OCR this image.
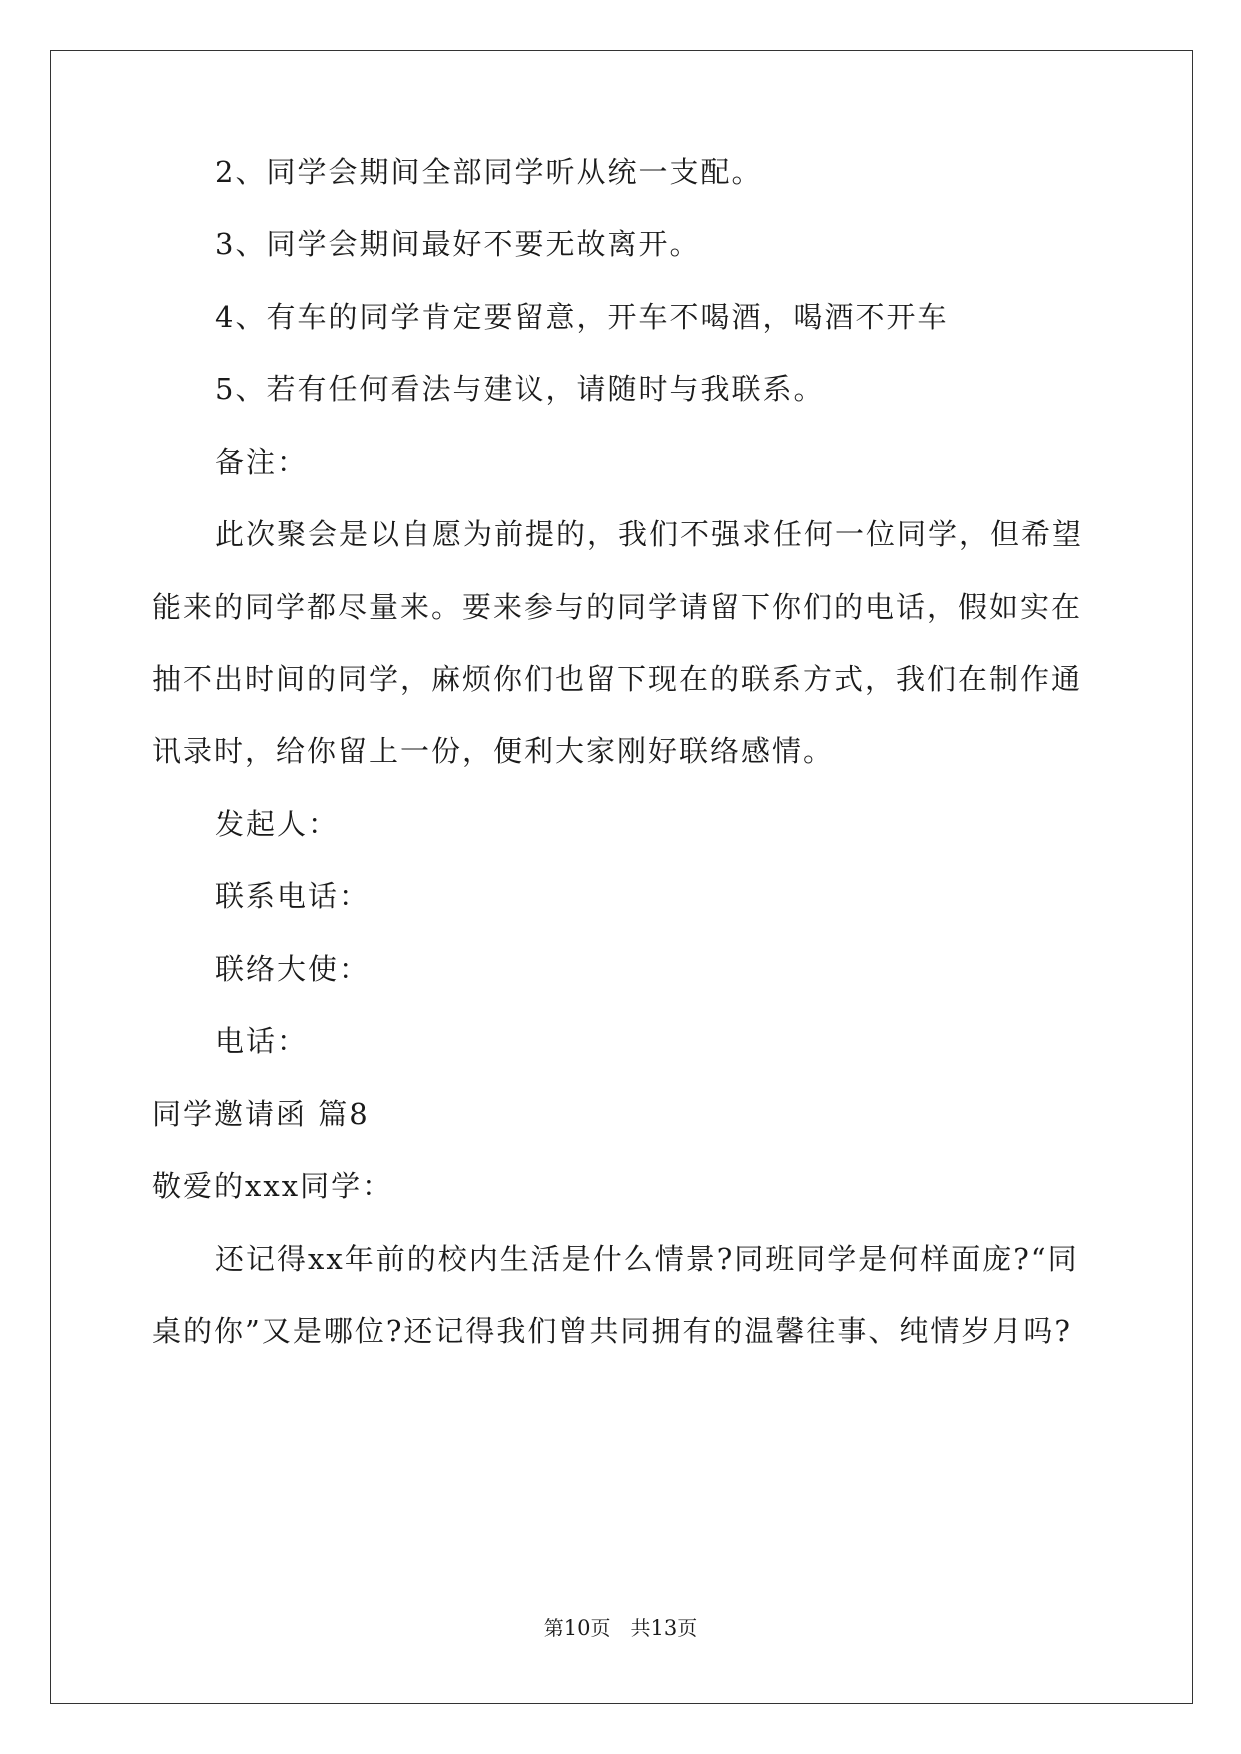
2、同学会期间全部同学听从统一支配。
3、同学会期间最好不要无故离开。
4、有车的同学肯定要留意，开车不喝酒，喝酒不开车
5、若有任何看法与建议，请随时与我联系。
备注：
此次聚会是以自愿为前提的，我们不强求任何一位同学，但希望
能来的同学都尽量来。要来参与的同学请留下你们的电话，假如实在
抽不出时间的同学，麻烦你们也留下现在的联系方式，我们在制作通
讯录时，给你留上一份，便利大家刚好联络感情。
发起人：
联系电话：
联络大使：
电话：
同学邀请函 篇8
敬爱的xxx同学：
还记得xx年前的校内生活是什么情景?同班同学是何样面庞?“同
桌的你”又是哪位?还记得我们曾共同拥有的温馨往事、纯情岁月吗?
第10页　共13页
